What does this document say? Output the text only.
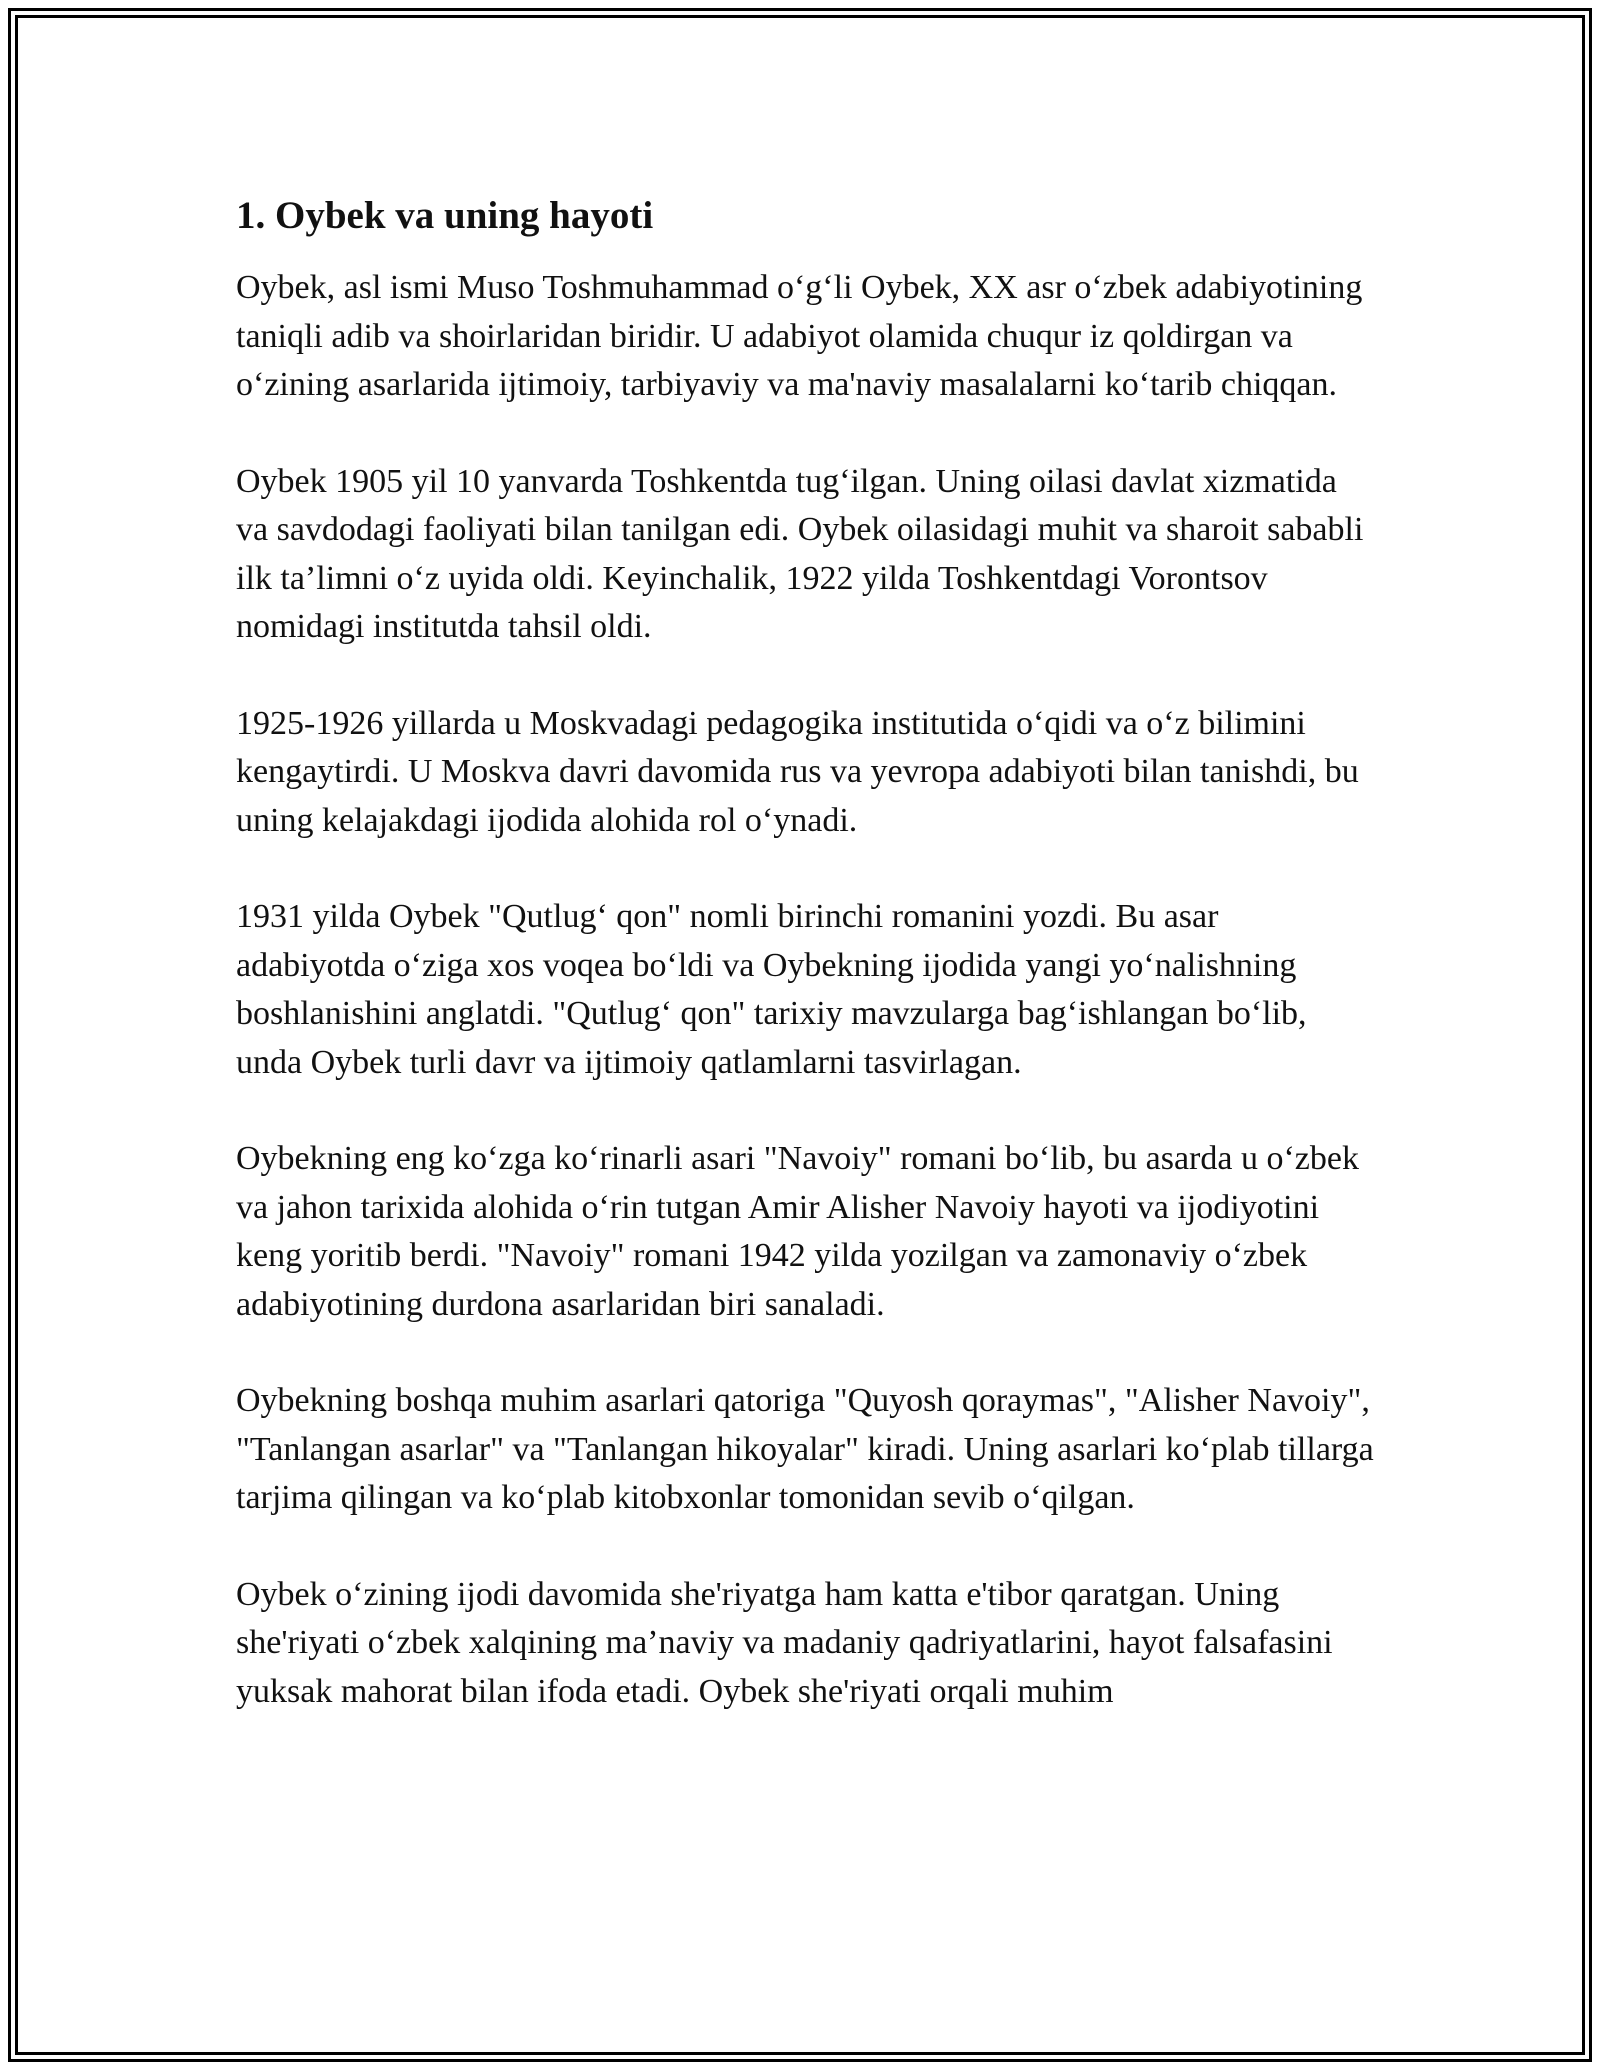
1. Oybek va uning hayoti

Oybek, asl ismi Muso Toshmuhammad o‘g‘li Oybek, XX asr o‘zbek adabiyotining taniqli adib va shoirlaridan biridir. U adabiyot olamida chuqur iz qoldirgan va o‘zining asarlarida ijtimoiy, tarbiyaviy va ma'naviy masalalarni ko‘tarib chiqqan.

Oybek 1905 yil 10 yanvarda Toshkentda tug‘ilgan. Uning oilasi davlat xizmatida va savdodagi faoliyati bilan tanilgan edi. Oybek oilasidagi muhit va sharoit sababli ilk ta’limni o‘z uyida oldi. Keyinchalik, 1922 yilda Toshkentdagi Vorontsov nomidagi institutda tahsil oldi.

1925-1926 yillarda u Moskvadagi pedagogika institutida o‘qidi va o‘z bilimini kengaytirdi. U Moskva davri davomida rus va yevropa adabiyoti bilan tanishdi, bu uning kelajakdagi ijodida alohida rol o‘ynadi.

1931 yilda Oybek "Qutlug‘ qon" nomli birinchi romanini yozdi. Bu asar adabiyotda o‘ziga xos voqea bo‘ldi va Oybekning ijodida yangi yo‘nalishning boshlanishini anglatdi. "Qutlug‘ qon" tarixiy mavzularga bag‘ishlangan bo‘lib, unda Oybek turli davr va ijtimoiy qatlamlarni tasvirlagan.

Oybekning eng ko‘zga ko‘rinarli asari "Navoiy" romani bo‘lib, bu asarda u o‘zbek va jahon tarixida alohida o‘rin tutgan Amir Alisher Navoiy hayoti va ijodiyotini keng yoritib berdi. "Navoiy" romani 1942 yilda yozilgan va zamonaviy o‘zbek adabiyotining durdona asarlaridan biri sanaladi.

Oybekning boshqa muhim asarlari qatoriga "Quyosh qoraymas", "Alisher Navoiy", "Tanlangan asarlar" va "Tanlangan hikoyalar" kiradi. Uning asarlari ko‘plab tillarga tarjima qilingan va ko‘plab kitobxonlar tomonidan sevib o‘qilgan.

Oybek o‘zining ijodi davomida she'riyatga ham katta e'tibor qaratgan. Uning she'riyati o‘zbek xalqining ma’naviy va madaniy qadriyatlarini, hayot falsafasini yuksak mahorat bilan ifoda etadi. Oybek she'riyati orqali muhim
